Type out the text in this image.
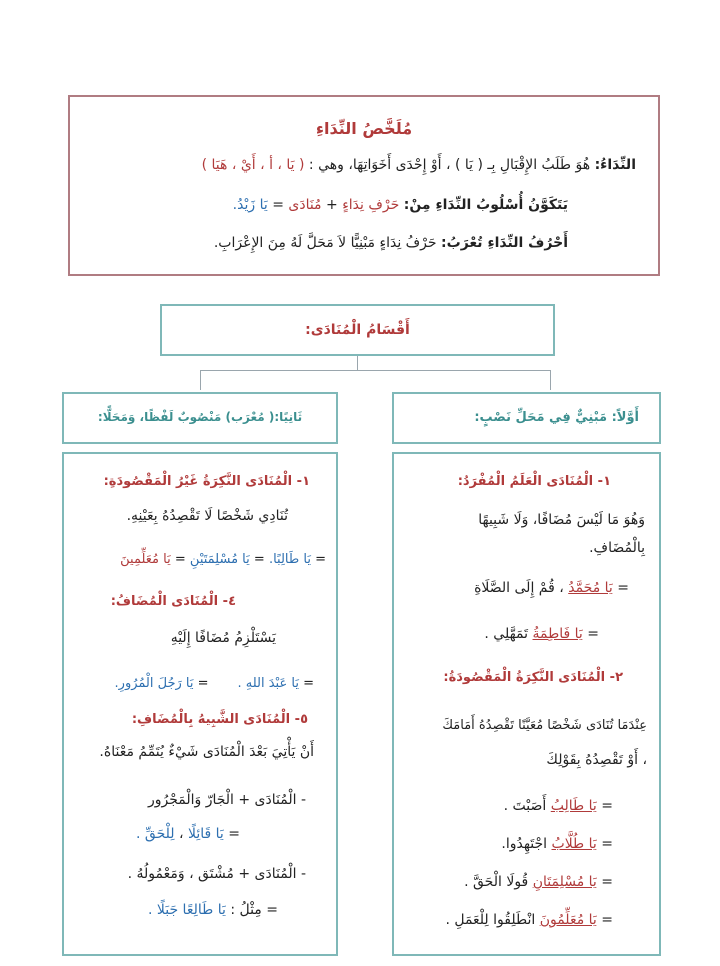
مُلَخَّصُ النِّدَاءِ
النِّدَاءُ: هُوَ طَلَبُ الإِقْبَالِ بِـ ( يَا ) ، أَوْ إِحْدَى أَخَوَاتِهَا، وهي : ( يَا ، أ ، أَيْ ، هَيَا )
يَتَكَوَّنُ أُسْلُوبُ النِّدَاءِ مِنْ: حَرْفِ نِدَاءٍ + مُنَادَى = يَا زَيْدُ.
أَحْرُفُ النِّدَاءِ تُعْرَبُ: حَرْفُ نِدَاءٍ مَبْنِيًّا لاَ مَحَلَّ لَهُ مِنَ الإِعْرَابِ.
أَقْسَامُ الْمُنَادَى:
ثَانِيًا:( مُعْرَب) مَنْصُوبٌ لَفْظًا، وَمَحَلًّا:	أَوَّلاً: مَبْنِيٌّ فِي مَحَلِّ نَصْبٍ:
١- الْمُنَادَى النَّكِرَةُ غَيْرُ الْمَقْصُودَةِ:
تُنَادِي شَخْصًا لَا تَقْصِدُهُ بِعَيْنِهِ.
= يَا طَالِبًا. = يَا مُسْلِمَتَيْنِ = يَا مُعَلِّمِينَ
٤- الْمُنَادَى الْمُضَافُ:
يَسْتَلْزِمُ مُضَافًا إِلَيْهِ
= يَا عَبْدَ اللهِ .       = يَا رَجُلَ الْمُرُورِ.
٥- الْمُنَادَى الشَّبِيهُ بِالْمُضَافِ:
أَنْ يَأْتِيَ بَعْدَ الْمُنَادَى شَيْءٌ يُتَمِّمُ مَعْنَاهُ.
- الْمُنَادَى + الْجَارّ وَالْمَجْرُور
= يَا قَائِلًا ، لِلْحَقِّ .
- الْمُنَادَى + مُشْتَق ، وَمَعْمُولُهُ .
= مِثْلُ : يَا طَالِعًا جَبَلًا .
١- الْمُنَادَى الْعَلَمُ الْمُفْرَدُ:
وَهُوَ مَا لَيْسَ مُضَافًا، وَلَا شَبِيهًا
بِالْمُضَافِ.
= يَا مُحَمَّدُ ، قُمْ إِلَى الصَّلَاةِ
= يَا فَاطِمَةُ تَمَهَّلِي .
٢- الْمُنَادَى النَّكِرَةُ الْمَقْصُودَةُ:
عِنْدَمَا تُنَادَى شَخْصًا مُعَيَّنًا تَقْصِدُهُ أَمَامَكَ
، أَوْ تَقْصِدُهُ بِقَوْلِكَ
= يَا طَالِبُ أَصَبْتَ .
= يَا طُلَّابُ اجْتَهِدُوا.
= يَا مُسْلِمَتَانِ قُولَا الْحَقَّ .
= يَا مُعَلِّمُونَ انْطَلِقُوا لِلْعَمَلِ .
